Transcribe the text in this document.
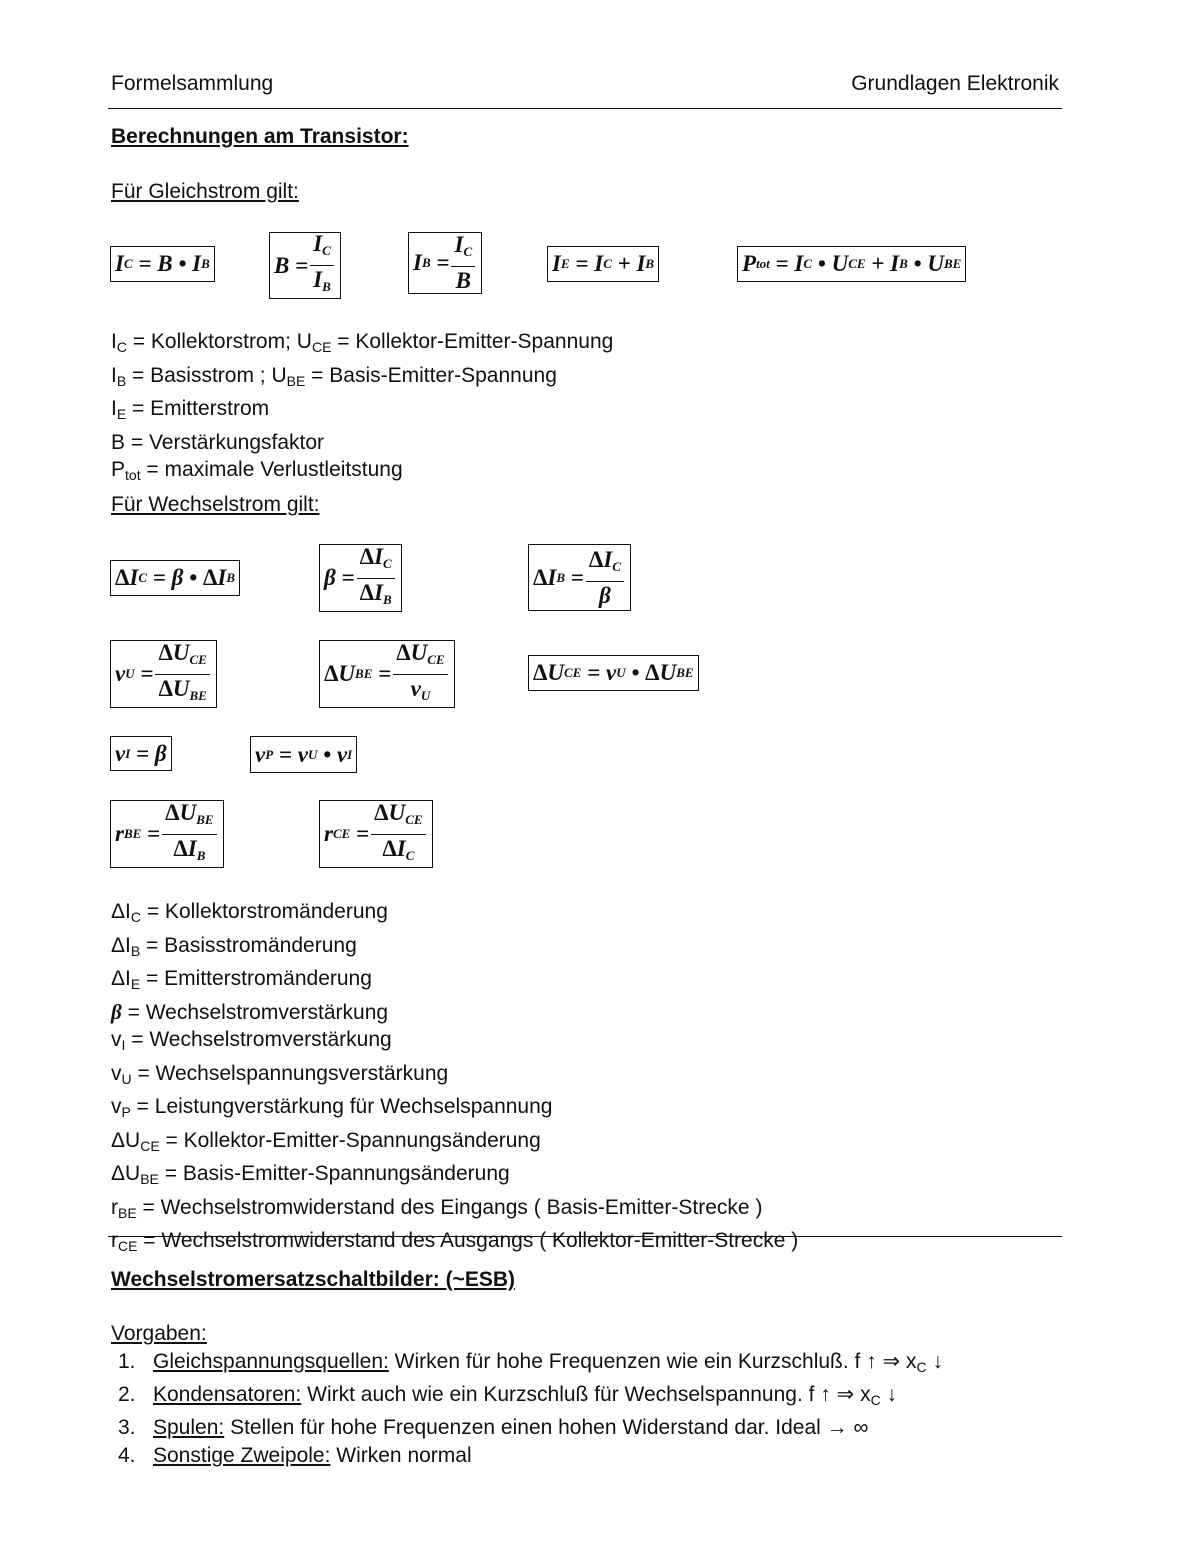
Formelsammlung	Grundlagen Elektronik
Berechnungen am Transistor:
Für Gleichstrom gilt:
I C = B • I B	$B = \frac{I_C}{I_B}$	I $B = \frac{I_C}{B}$	I E = I C + I B	P tot = I C • U CE + I B • U BE
$I_C$ = Kollektorstrom; $U_{CE}$ = Kollektor-Emitter-Spannung
$I_B$ = Basisstrom ; $U_{BE}$ = Basis-Emitter-Spannung
$I_E$ = Emitterstrom
B = Verstärkungsfaktor
$P_{tot}$ = maximale Verlustleitstung
Für Wechselstrom gilt:
Δ I C = β • Δ I B	$\beta = \frac{\Delta I_C}{\Delta I_B}$	Δ I $B = \frac{\Delta I_C}{\beta}$
v $U = \frac{\Delta U_{CE}}{\Delta U_{BE}}$	Δ U BE = $\frac{\Delta U_{CE}}{v_U}$	Δ U CE = v U • Δ U BE
v I = β	v P = v U • v I
r BE = $\frac{\Delta U_{BE}}{\Delta I_B}$	r CE = $\frac{\Delta U_{CE}}{\Delta I_C}$
$\Delta I_C$ = Kollektorstromänderung
$\Delta I_B$ = Basisstromänderung
$\Delta I_E$ = Emitterstromänderung
β = Wechselstromverstärkung
$v_I$ = Wechselstromverstärkung
$v_U$ = Wechselspannungsverstärkung
$v_P$ = Leistungverstärkung für Wechselspannung
$\Delta U_{CE}$ = Kollektor-Emitter-Spannungsänderung
$\Delta U_{BE}$ = Basis-Emitter-Spannungsänderung
$r_{BE}$ = Wechselstromwiderstand des Eingangs ( Basis-Emitter-Strecke )
$r_{CE}$ = Wechselstromwiderstand des Ausgangs ( Kollektor-Emitter-Strecke )
Wechselstromersatzschaltbilder: (~ESB)
Vorgaben:
1. Gleichspannungsquellen: Wirken für hohe Frequenzen wie ein Kurzschluß. f ↑ ⇒ $x_C$ ↓
2. Kondensatoren: Wirkt auch wie ein Kurzschluß für Wechselspannung. f ↑ ⇒ $x_C$ ↓
3. Spulen: Stellen für hohe Frequenzen einen hohen Widerstand dar. Ideal → ∞
4. Sonstige Zweipole: Wirken normal
